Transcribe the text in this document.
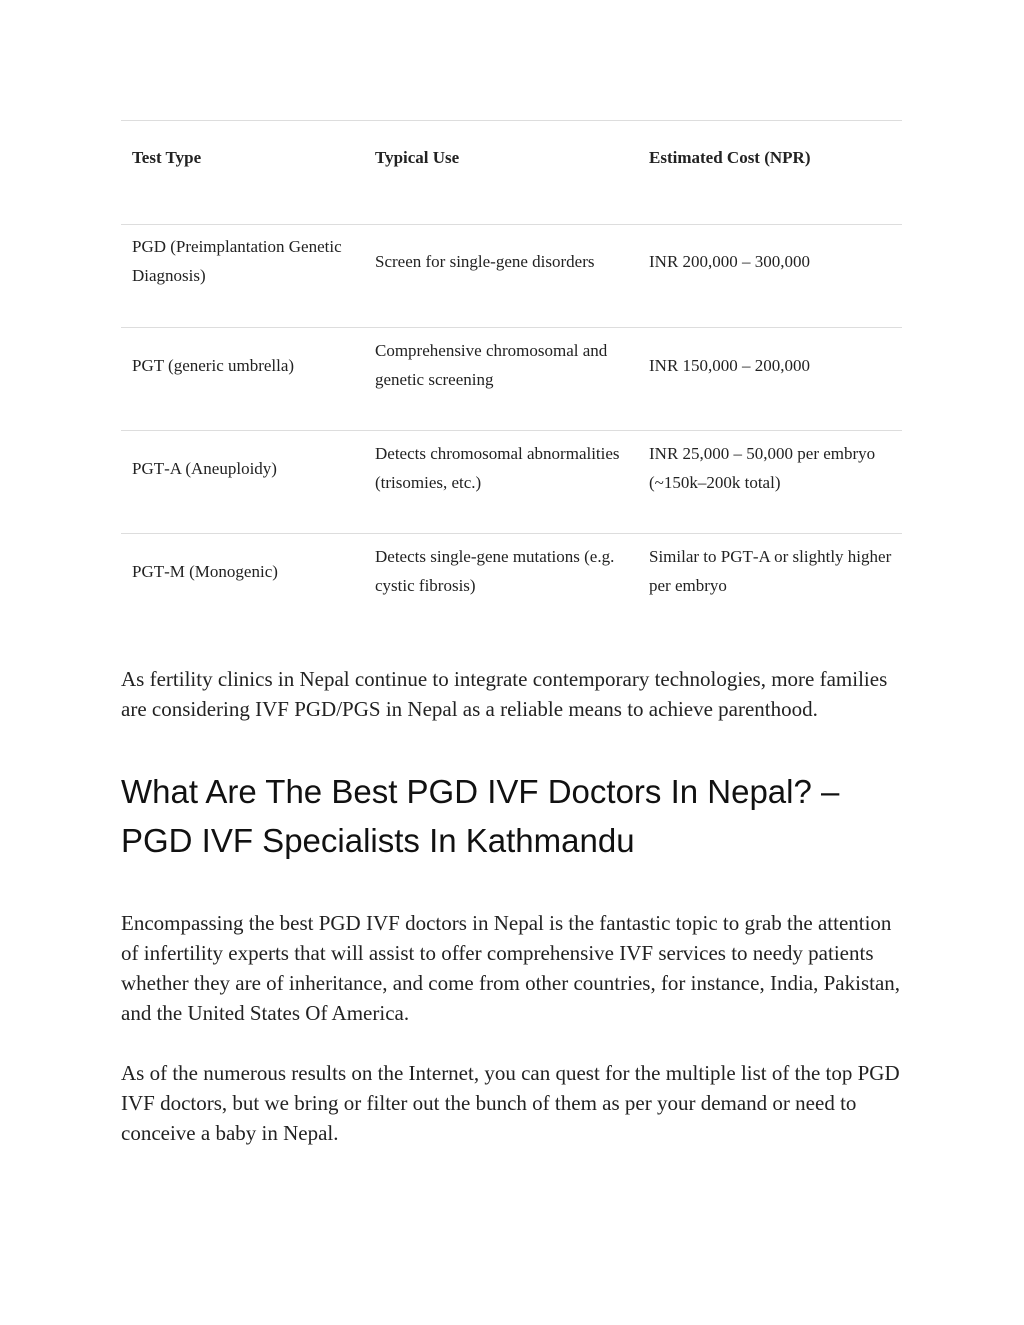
Test Type	Typical Use	Estimated Cost (NPR)
PGD (Preimplantation Genetic Diagnosis)	Screen for single-gene disorders	INR 200,000 – 300,000
PGT (generic umbrella)	Comprehensive chromosomal and genetic screening	INR 150,000 – 200,000
PGT‑A (Aneuploidy)	Detects chromosomal abnormalities (trisomies, etc.)	INR 25,000 – 50,000 per embryo (~150k–200k total)
PGT‑M (Monogenic)	Detects single‑gene mutations (e.g. cystic fibrosis)	Similar to PGT‑A or slightly higher per embryo

As fertility clinics in Nepal continue to integrate contemporary technologies, more families are considering IVF PGD/PGS in Nepal as a reliable means to achieve parenthood.

What Are The Best PGD IVF Doctors In Nepal? – PGD IVF Specialists In Kathmandu

Encompassing the best PGD IVF doctors in Nepal is the fantastic topic to grab the attention of infertility experts that will assist to offer comprehensive IVF services to needy patients whether they are of inheritance, and come from other countries, for instance, India, Pakistan, and the United States Of America.

As of the numerous results on the Internet, you can quest for the multiple list of the top PGD IVF doctors, but we bring or filter out the bunch of them as per your demand or need to conceive a baby in Nepal.
